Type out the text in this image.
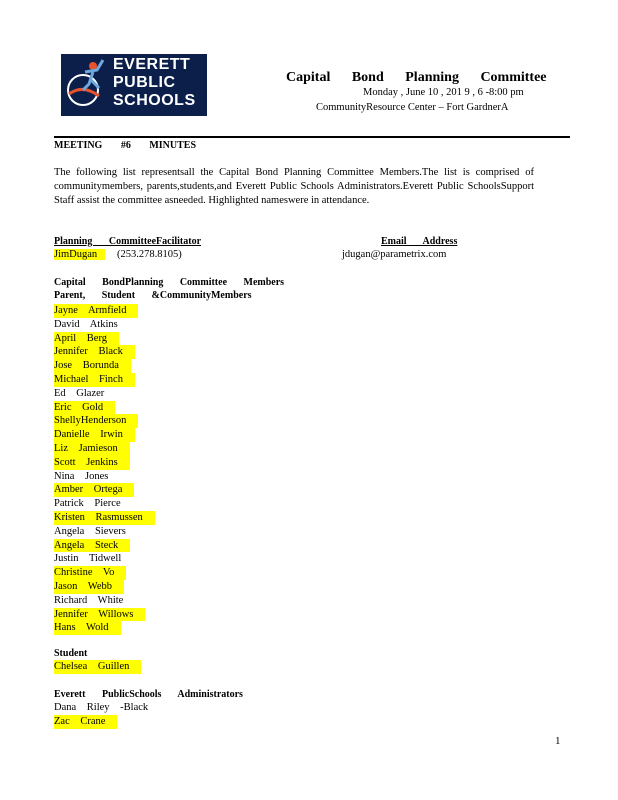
EVERETT
PUBLIC
SCHOOLS
Capital Bond Planning Committee
Monday , June 10 , 201 9 , 6 -8:00 pm
CommunityResource Center – Fort GardnerA
MEETING #6 MINUTES
The following list representsall the Capital Bond Planning Committee Members.The list is comprised of communitymembers, parents,students,and Everett Public Schools Administrators.Everett Public SchoolsSupport Staff assist the committee asneeded. Highlighted nameswere in attendance.
Planning CommitteeFacilitator	Email Address
JimDugan	(253.278.8105)	jdugan@parametrix.com
Capital BondPlanning Committee Members
Parent, Student &CommunityMembers
Jayne Armfield
David Atkins
April Berg
Jennifer Black
Jose Borunda
Michael Finch
Ed Glazer
Eric Gold
ShellyHenderson
Danielle Irwin
Liz Jamieson
Scott Jenkins
Nina Jones
Amber Ortega
Patrick Pierce
Kristen Rasmussen
Angela Sievers
Angela Steck
Justin Tidwell
Christine Vo
Jason Webb
Richard White
Jennifer Willows
Hans Wold
Student
Chelsea Guillen
Everett PublicSchools Administrators
Dana Riley -Black
Zac Crane
1
